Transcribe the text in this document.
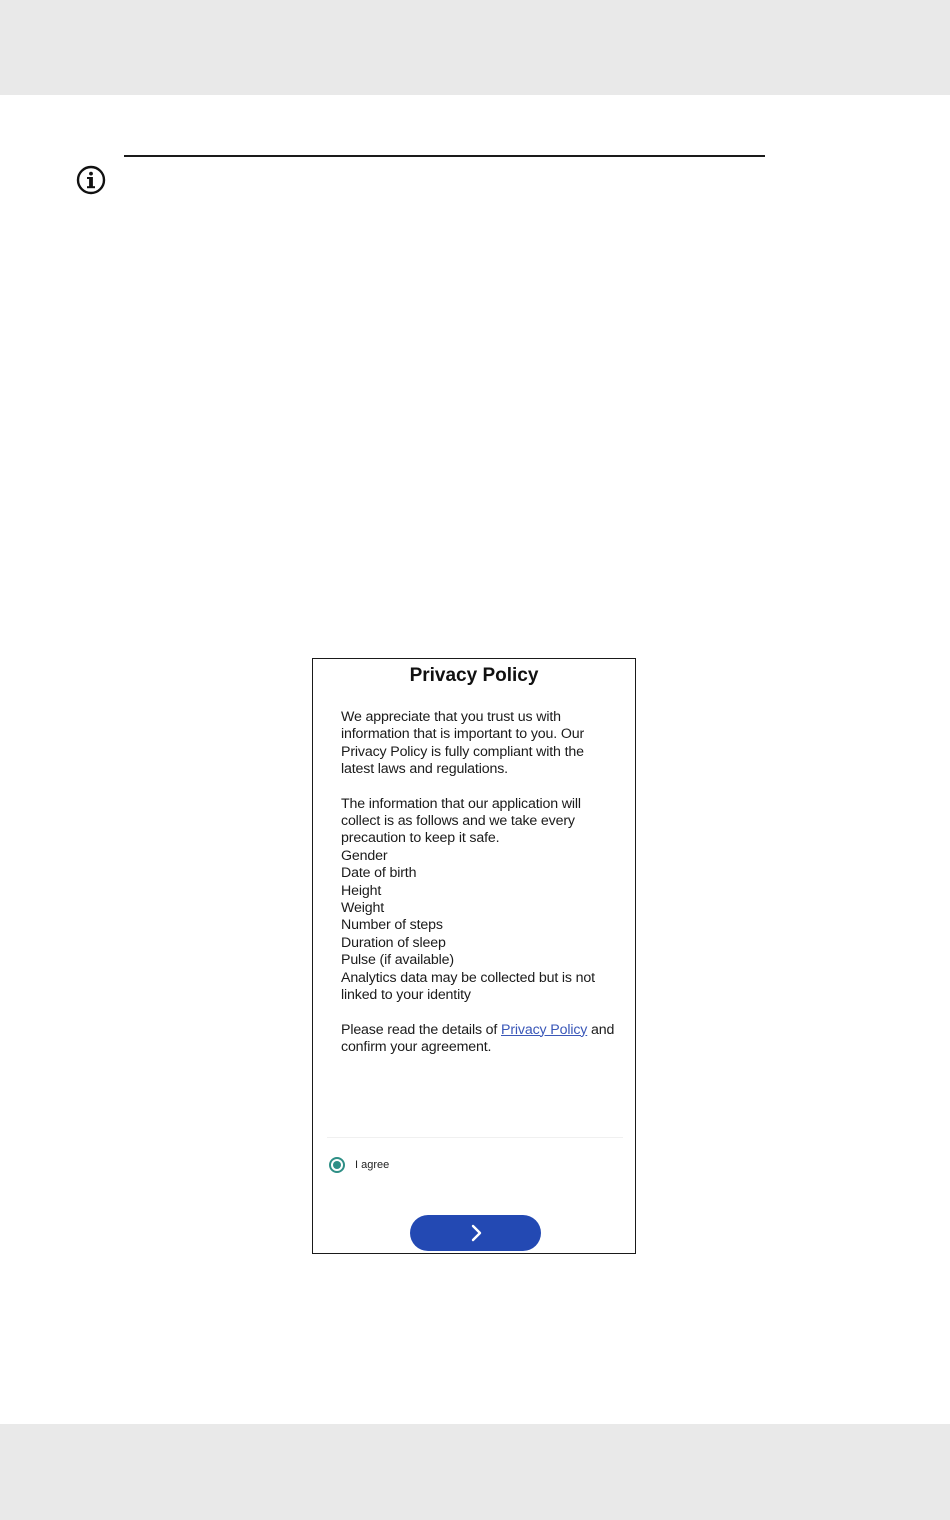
Privacy Policy

We appreciate that you trust us with information that is important to you. Our Privacy Policy is fully compliant with the latest laws and regulations.

The information that our application will collect is as follows and we take every precaution to keep it safe.
Gender
Date of birth
Height
Weight
Number of steps
Duration of sleep
Pulse (if available)
Analytics data may be collected but is not linked to your identity

Please read the details of Privacy Policy and confirm your agreement.

I agree
